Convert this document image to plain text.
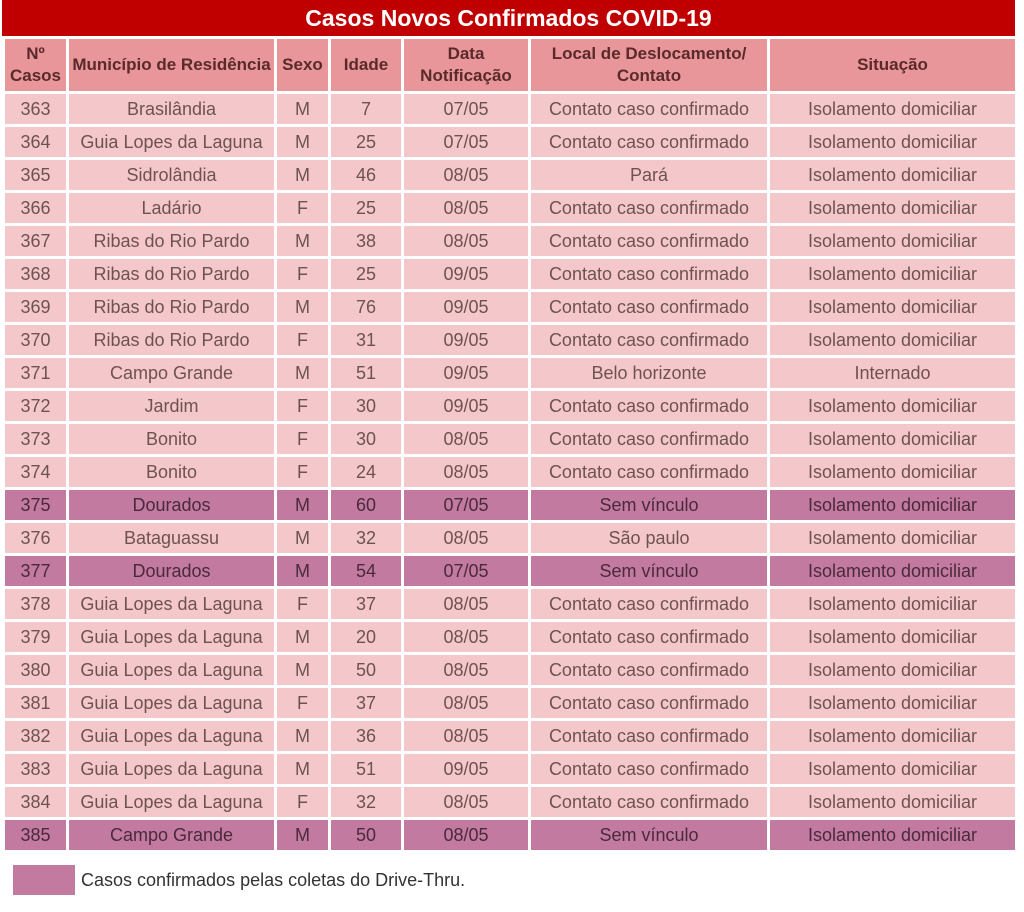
Casos Novos Confirmados COVID-19
Nº Casos	Município de Residência	Sexo	Idade	Data Notificação	Local de Deslocamento/ Contato	Situação
363	Brasilândia	M	7	07/05	Contato caso confirmado	Isolamento domiciliar
364	Guia Lopes da Laguna	M	25	07/05	Contato caso confirmado	Isolamento domiciliar
365	Sidrolândia	M	46	08/05	Pará	Isolamento domiciliar
366	Ladário	F	25	08/05	Contato caso confirmado	Isolamento domiciliar
367	Ribas do Rio Pardo	M	38	08/05	Contato caso confirmado	Isolamento domiciliar
368	Ribas do Rio Pardo	F	25	09/05	Contato caso confirmado	Isolamento domiciliar
369	Ribas do Rio Pardo	M	76	09/05	Contato caso confirmado	Isolamento domiciliar
370	Ribas do Rio Pardo	F	31	09/05	Contato caso confirmado	Isolamento domiciliar
371	Campo Grande	M	51	09/05	Belo horizonte	Internado
372	Jardim	F	30	09/05	Contato caso confirmado	Isolamento domiciliar
373	Bonito	F	30	08/05	Contato caso confirmado	Isolamento domiciliar
374	Bonito	F	24	08/05	Contato caso confirmado	Isolamento domiciliar
375	Dourados	M	60	07/05	Sem vínculo	Isolamento domiciliar
376	Bataguassu	M	32	08/05	São paulo	Isolamento domiciliar
377	Dourados	M	54	07/05	Sem vínculo	Isolamento domiciliar
378	Guia Lopes da Laguna	F	37	08/05	Contato caso confirmado	Isolamento domiciliar
379	Guia Lopes da Laguna	M	20	08/05	Contato caso confirmado	Isolamento domiciliar
380	Guia Lopes da Laguna	M	50	08/05	Contato caso confirmado	Isolamento domiciliar
381	Guia Lopes da Laguna	F	37	08/05	Contato caso confirmado	Isolamento domiciliar
382	Guia Lopes da Laguna	M	36	08/05	Contato caso confirmado	Isolamento domiciliar
383	Guia Lopes da Laguna	M	51	09/05	Contato caso confirmado	Isolamento domiciliar
384	Guia Lopes da Laguna	F	32	08/05	Contato caso confirmado	Isolamento domiciliar
385	Campo Grande	M	50	08/05	Sem vínculo	Isolamento domiciliar
Casos confirmados pelas coletas do Drive-Thru.
